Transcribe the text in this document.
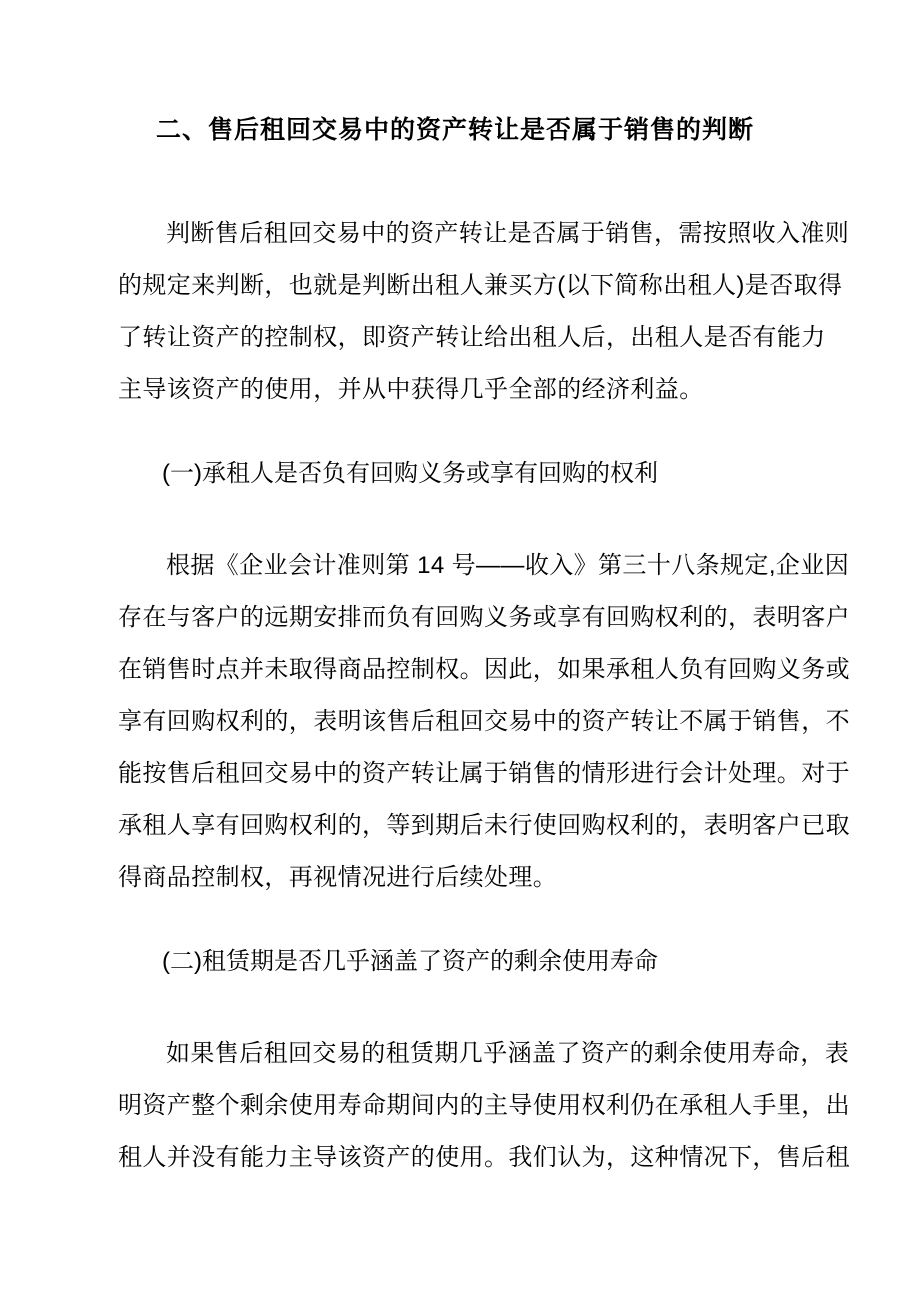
二、售后租回交易中的资产转让是否属于销售的判断
判断售后租回交易中的资产转让是否属于销售，需按照收入准则
的规定来判断，也就是判断出租人兼买方(以下简称出租人)是否取得
了转让资产的控制权，即资产转让给出租人后，出租人是否有能力
主导该资产的使用，并从中获得几乎全部的经济利益。
(一)承租人是否负有回购义务或享有回购的权利
根据《企业会计准则第 14 号——收入》第三十八条规定,企业因
存在与客户的远期安排而负有回购义务或享有回购权利的，表明客户
在销售时点并未取得商品控制权。因此，如果承租人负有回购义务或
享有回购权利的，表明该售后租回交易中的资产转让不属于销售，不
能按售后租回交易中的资产转让属于销售的情形进行会计处理。对于
承租人享有回购权利的，等到期后未行使回购权利的，表明客户已取
得商品控制权，再视情况进行后续处理。
(二)租赁期是否几乎涵盖了资产的剩余使用寿命
如果售后租回交易的租赁期几乎涵盖了资产的剩余使用寿命，表
明资产整个剩余使用寿命期间内的主导使用权利仍在承租人手里，出
租人并没有能力主导该资产的使用。我们认为，这种情况下，售后租
